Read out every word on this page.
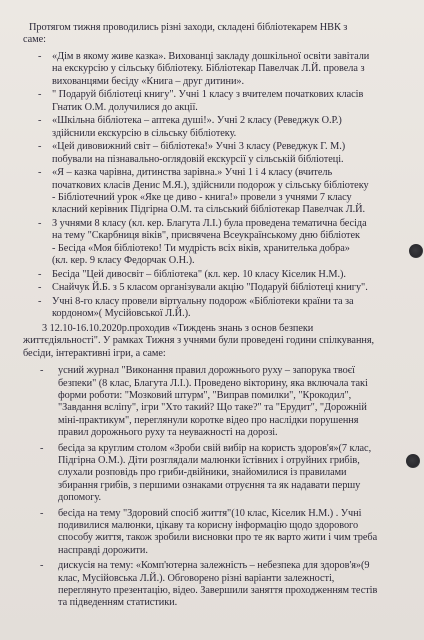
Протягом тижня проводились різні заходи, складені бібліотекарем НВК з
саме:
- «Дім в якому живе казка». Вихованці закладу дошкільної освіти завітали
на екскурсію у сільську бібліотеку. Бібліотекар Павелчак Л.Й. провела з
вихованцями бесіду «Книга – друг дитини».
- " Подаруй бібліотеці книгу". Учні 1 класу з вчителем початкових класів
Гнатик О.М. долучилися до акції.
- «Шкільна бібліотека – аптека душі!». Учні 2 класу (Реведжук О.Р.)
здійснили екскурсію в сільську бібліотеку.
- «Цей дивовижний світ – бібліотека!» Учні 3 класу (Реведжук Г. М.)
побували на пізнавально-оглядовій екскурсії у сільській бібліотеці.
- «Я – казка чарівна, дитинства зарівна.» Учні 1 і 4 класу (вчитель
початкових класів Денис М.Я.), здійснили подорож у сільську бібліотеку
- Бібліотечний урок «Яке це диво - книга!» провели з учнями 7 класу
класний керівник Підгірна О.М. та сільський бібліотекар Павелчак Л.Й.
- З учнями 8 класу (кл. кер. Благута Л.І.) була проведена тематична бесіда
на тему "Скарбниця віків", присвячена Всеукраїнському дню бібліотек
- Бесіда «Моя бібліотеко! Ти мудрість всіх віків, хранителька добра»
(кл. кер. 9 класу Федорчак О.Н.).
- Бесіда "Цей дивосвіт – бібліотека" (кл. кер. 10 класу Кіселик Н.М.).
- Снайчук Й.Б. з 5 класом організували акцію "Подаруй бібліотеці книгу".
- Учні 8-го класу провели віртуальну подорож «Бібліотеки країни та за
кордоном»( Мусійовської Л.Й.).
3 12.10-16.10.2020р.проходив «Тиждень знань з основ безпеки
життєдіяльності". У рамках Тижня з учнями були проведені години спілкування,
бесіди, інтерактивні ігри, а саме:
- усний журнал "Виконання правил дорожнього руху – запорука твоєї
безпеки" (8 клас, Благута Л.І.). Проведено вікторину, яка включала такі
форми роботи: "Мозковий штурм", "Виправ помилки", "Крокодил",
"Завдання всліпу", ігри "Хто такий? Що таке?" та "Ерудит", "Дорожній
міні-практикум", переглянули коротке відео про наслідки порушення
правил дорожнього руху та неуважності на дорозі.
- бесіда за круглим столом «Зроби свій вибір на користь здоров'я»(7 клас,
Підгірна О.М.). Діти розглядали малюнки їстівних і отруйних грибів,
слухали розповідь про гриби-двійники, знайомилися із правилами
збирання грибів, з першими ознаками отруєння та як надавати першу
допомогу.
- бесіда на тему "Здоровий спосіб життя"(10 клас, Кіселик Н.М.) . Учні
подивилися малюнки, цікаву та корисну інформацію щодо здорового
способу життя, також зробили висновки про те як варто жити і чим треба
насправді дорожити.
- дискусія на тему: «Комп'ютерна залежність – небезпека для здоров'я»(9
клас, Мусійовська Л.Й.). Обговорено різні варіанти залежності,
переглянуто презентацію, відео. Завершили заняття проходженням тестів
та підведенням статистики.
